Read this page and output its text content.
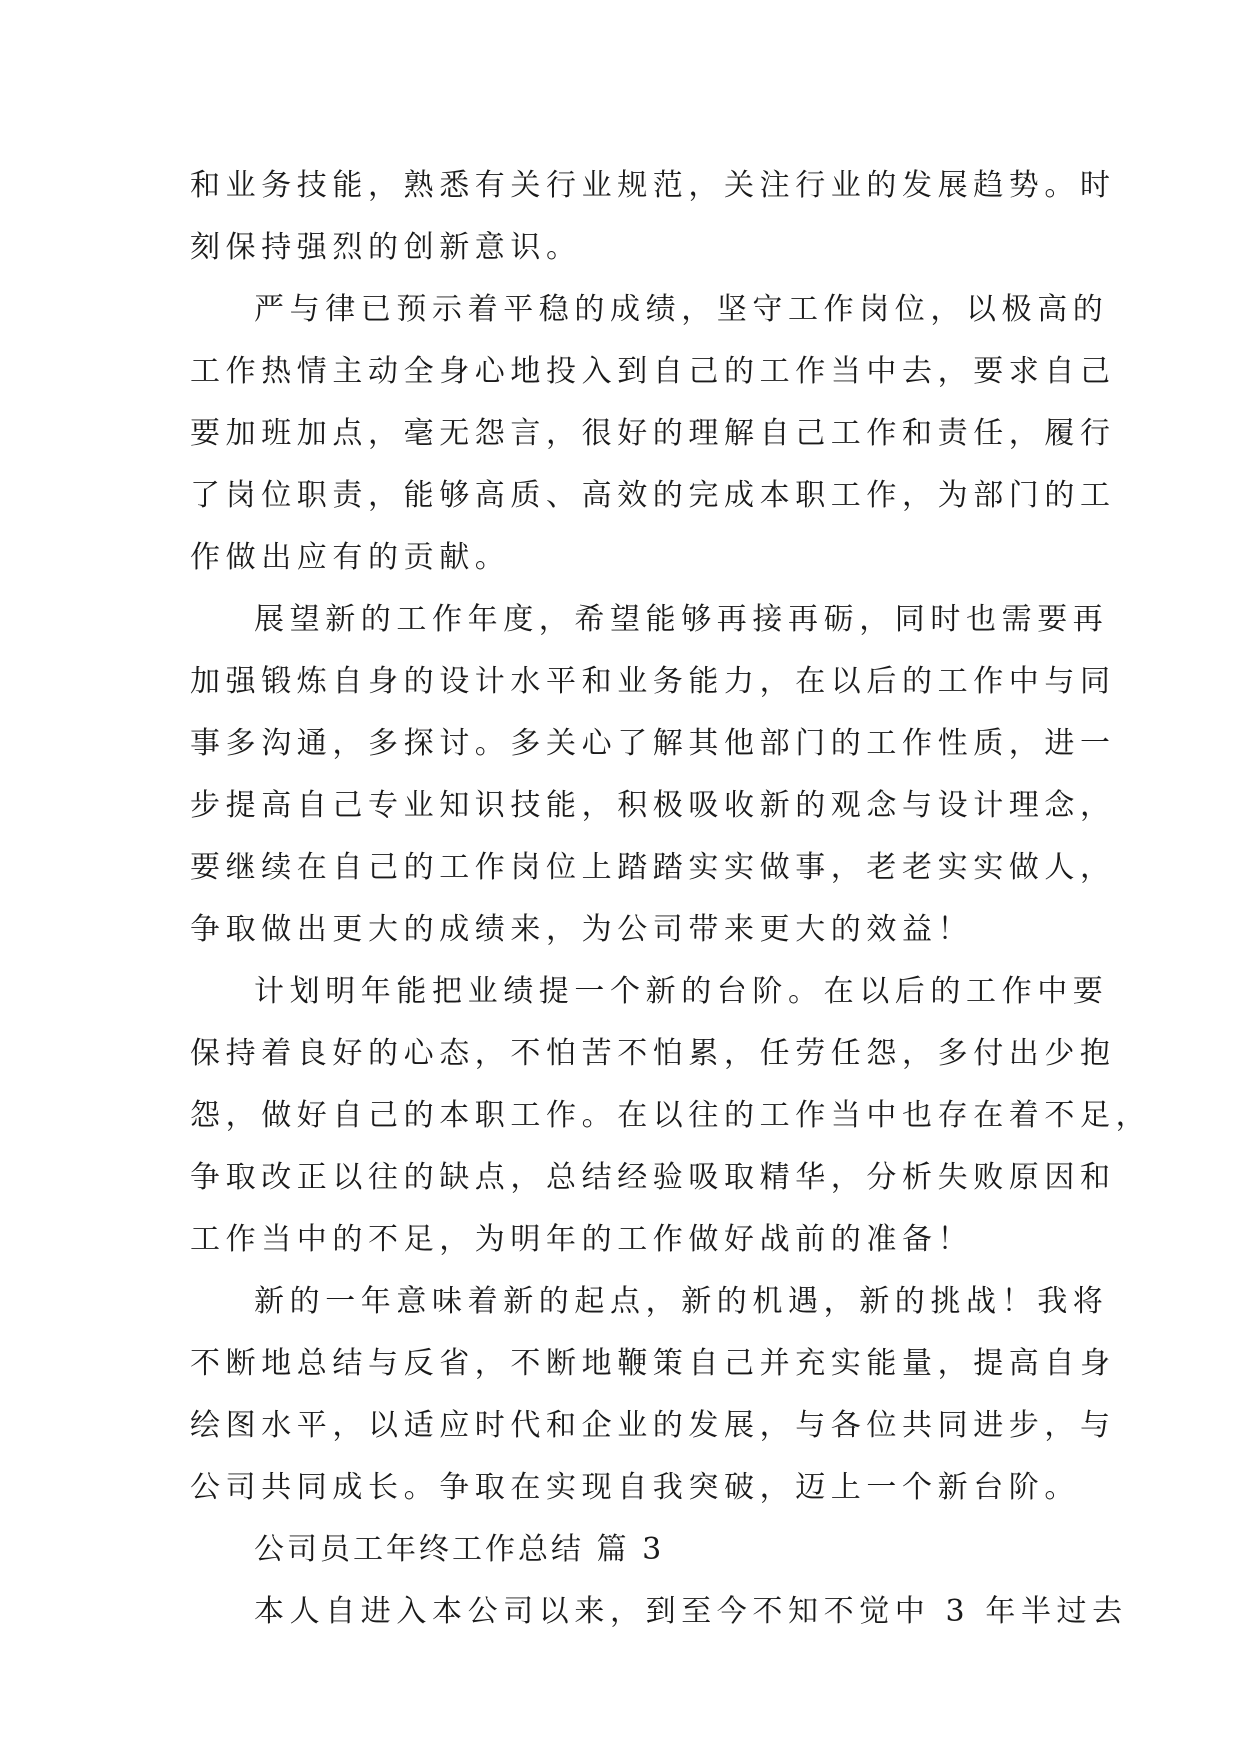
和业务技能，熟悉有关行业规范，关注行业的发展趋势。时
刻保持强烈的创新意识。
严与律已预示着平稳的成绩，坚守工作岗位，以极高的
工作热情主动全身心地投入到自己的工作当中去，要求自己
要加班加点，毫无怨言，很好的理解自己工作和责任，履行
了岗位职责，能够高质、高效的完成本职工作，为部门的工
作做出应有的贡献。
展望新的工作年度，希望能够再接再砺，同时也需要再
加强锻炼自身的设计水平和业务能力，在以后的工作中与同
事多沟通，多探讨。多关心了解其他部门的工作性质，进一
步提高自己专业知识技能，积极吸收新的观念与设计理念，
要继续在自己的工作岗位上踏踏实实做事，老老实实做人，
争取做出更大的成绩来，为公司带来更大的效益！
计划明年能把业绩提一个新的台阶。在以后的工作中要
保持着良好的心态，不怕苦不怕累，任劳任怨，多付出少抱
怨，做好自己的本职工作。在以往的工作当中也存在着不足，
争取改正以往的缺点，总结经验吸取精华，分析失败原因和
工作当中的不足，为明年的工作做好战前的准备！
新的一年意味着新的起点，新的机遇，新的挑战！我将
不断地总结与反省，不断地鞭策自己并充实能量，提高自身
绘图水平，以适应时代和企业的发展，与各位共同进步，与
公司共同成长。争取在实现自我突破，迈上一个新台阶。
公司员工年终工作总结 篇 3
本人自进入本公司以来，到至今不知不觉中 3 年半过去
